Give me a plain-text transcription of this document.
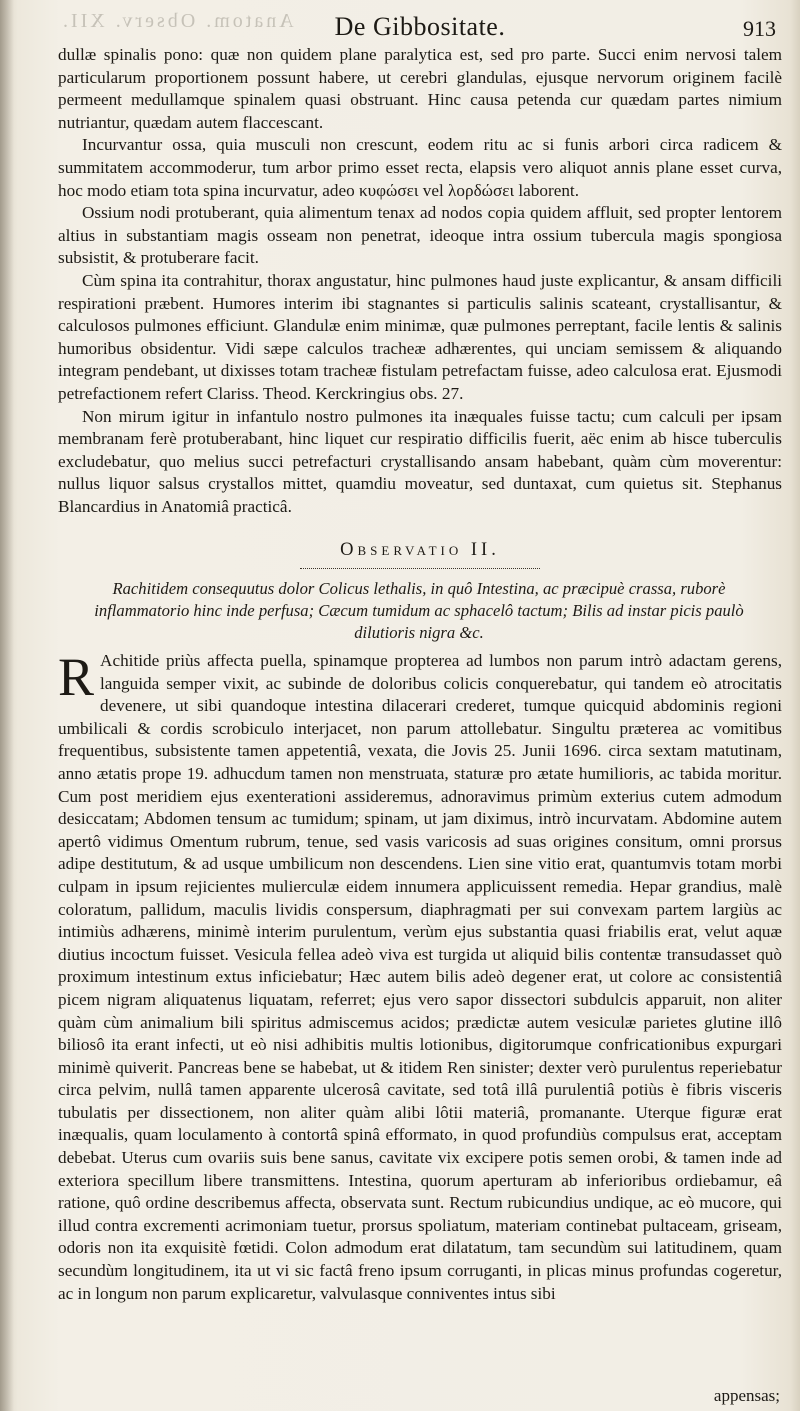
Anatom. Observ. XII.	De Gibbositate.	913

dullæ spinalis pono: quæ non quidem plane paralytica est, sed pro parte. Succi enim nervosi talem particularum proportionem possunt habere, ut cerebri glandulas, ejusque nervorum originem facilè permeent medullamque spinalem quasi obstruant. Hinc causa petenda cur quædam partes nimium nutriantur, quædam autem flaccescant.

Incurvantur ossa, quia musculi non crescunt, eodem ritu ac si funis arbori circa radicem & summitatem accommoderur, tum arbor primo esset recta, elapsis vero aliquot annis plane esset curva, hoc modo etiam tota spina incurvatur, adeo κυφώσει vel λορδώσει laborent.

Ossium nodi protuberant, quia alimentum tenax ad nodos copia quidem affluit, sed propter lentorem altius in substantiam magis osseam non penetrat, ideoque intra ossium tubercula magis spongiosa subsistit, & protuberare facit.

Cùm spina ita contrahitur, thorax angustatur, hinc pulmones haud juste explicantur, & ansam difficili respirationi præbent. Humores interim ibi stagnantes si particulis salinis scateant, crystallisantur, & calculosos pulmones efficiunt. Glandulæ enim minimæ, quæ pulmones perreptant, facile lentis & salinis humoribus obsidentur. Vidi sæpe calculos tracheæ adhærentes, qui unciam semissem & aliquando integram pendebant, ut dixisses totam tracheæ fistulam petrefactam fuisse, adeo calculosa erat. Ejusmodi petrefactionem refert Clariss. Theod. Kerckringius obs. 27.

Non mirum igitur in infantulo nostro pulmones ita inæquales fuisse tactu; cum calculi per ipsam membranam ferè protuberabant, hinc liquet cur respiratio difficilis fuerit, aëc enim ab hisce tuberculis excludebatur, quo melius succi petrefacturi crystallisando ansam habebant, quàm cùm moverentur: nullus liquor salsus crystallos mittet, quamdiu moveatur, sed duntaxat, cum quietus sit. Stephanus Blancardius in Anatomiâ practicâ.

Observatio II.
Rachitidem consequutus dolor Colicus lethalis, in quô Intestina, ac præcipuè crassa, ruborè inflammatorio hinc inde perfusa; Cæcum tumidum ac sphacelô tactum; Bilis ad instar picis paulò dilutioris nigra &c.
R Achitide priùs affecta puella, spinamque propterea ad lumbos non parum intrò adactam gerens, languida semper vixit, ac subinde de doloribus colicis conquerebatur, qui tandem eò atrocitatis devenere, ut sibi quandoque intestina dilacerari crederet, tumque quicquid abdominis regioni umbilicali & cordis scrobiculo interjacet, non parum attollebatur. Singultu præterea ac vomitibus frequentibus, subsistente tamen appetentiâ, vexata, die Jovis 25. Junii 1696. circa sextam matutinam, anno ætatis prope 19. adhucdum tamen non menstruata, staturæ pro ætate humilioris, ac tabida moritur. Cum post meridiem ejus exenterationi assideremus, adnoravimus primùm exterius cutem admodum desiccatam; Abdomen tensum ac tumidum; spinam, ut jam diximus, intrò incurvatam. Abdomine autem apertô vidimus Omentum rubrum, tenue, sed vasis varicosis ad suas origines consitum, omni prorsus adipe destitutum, & ad usque umbilicum non descendens. Lien sine vitio erat, quantumvis totam morbi culpam in ipsum rejicientes mulierculæ eidem innumera applicuissent remedia. Hepar grandius, malè coloratum, pallidum, maculis lividis conspersum, diaphragmati per sui convexam partem largiùs ac intimiùs adhærens, minimè interim purulentum, verùm ejus substantia quasi friabilis erat, velut aquæ diutius incoctum fuisset. Vesicula fellea adeò viva est turgida ut aliquid bilis contentæ transudasset quò proximum intestinum extus inficiebatur; Hæc autem bilis adeò degener erat, ut colore ac consistentiâ picem nigram aliquatenus liquatam, referret; ejus vero sapor dissectori subdulcis apparuit, non aliter quàm cùm animalium bili spiritus admiscemus acidos; prædictæ autem vesiculæ parietes glutine illô biliosô ita erant infecti, ut eò nisi adhibitis multis lotionibus, digitorumque confricationibus expurgari minimè quiverit. Pancreas bene se habebat, ut & itidem Ren sinister; dexter verò purulentus reperiebatur circa pelvim, nullâ tamen apparente ulcerosâ cavitate, sed totâ illâ purulentiâ potiùs è fibris visceris tubulatis per dissectionem, non aliter quàm alibi lôtii materiâ, promanante. Uterque figuræ erat inæqualis, quam loculamento à contortâ spinâ efformato, in quod profundiùs compulsus erat, acceptam debebat. Uterus cum ovariis suis bene sanus, cavitate vix excipere potis semen orobi, & tamen inde ad exteriora specillum libere transmittens. Intestina, quorum aperturam ab inferioribus ordiebamur, eâ ratione, quô ordine describemus affecta, observata sunt. Rectum rubicundius undique, ac eò mucore, qui illud contra excrementi acrimoniam tuetur, prorsus spoliatum, materiam continebat pultaceam, griseam, odoris non ita exquisitè fœtidi. Colon admodum erat dilatatum, tam secundùm sui latitudinem, quam secundùm longitudinem, ita ut vi sic factâ freno ipsum corruganti, in plicas minus profundas cogeretur, ac in longum non parum explicaretur, valvulasque conniventes intus sibi

appensas;
